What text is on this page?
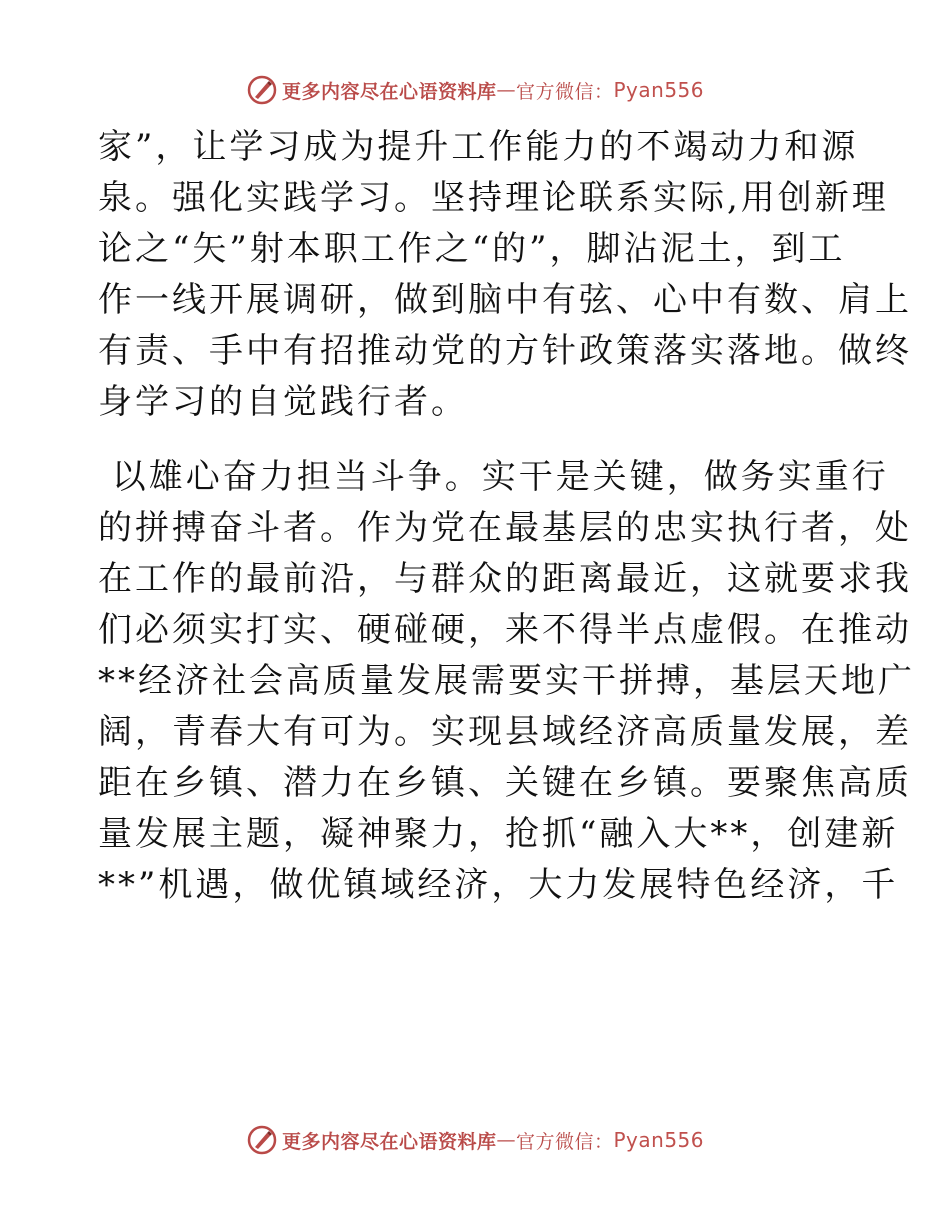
更多内容尽在心语资料库 — 官方微信： Pyan556
家”，让学习成为提升工作能力的不竭动力和源
泉。强化实践学习。坚持理论联系实际,用创新理
论之“矢”射本职工作之“的”，脚沾泥土，到工
作一线开展调研，做到脑中有弦、心中有数、肩上
有责、手中有招推动党的方针政策落实落地。做终
身学习的自觉践行者。
以雄心奋力担当斗争。实干是关键，做务实重行
的拼搏奋斗者。作为党在最基层的忠实执行者，处
在工作的最前沿，与群众的距离最近，这就要求我
们必须实打实、硬碰硬，来不得半点虚假。在推动
**经济社会高质量发展需要实干拼搏，基层天地广
阔，青春大有可为。实现县域经济高质量发展，差
距在乡镇、潜力在乡镇、关键在乡镇。要聚焦高质
量发展主题，凝神聚力，抢抓“融入大**，创建新
**”机遇，做优镇域经济，大力发展特色经济，千
更多内容尽在心语资料库 — 官方微信： Pyan556
